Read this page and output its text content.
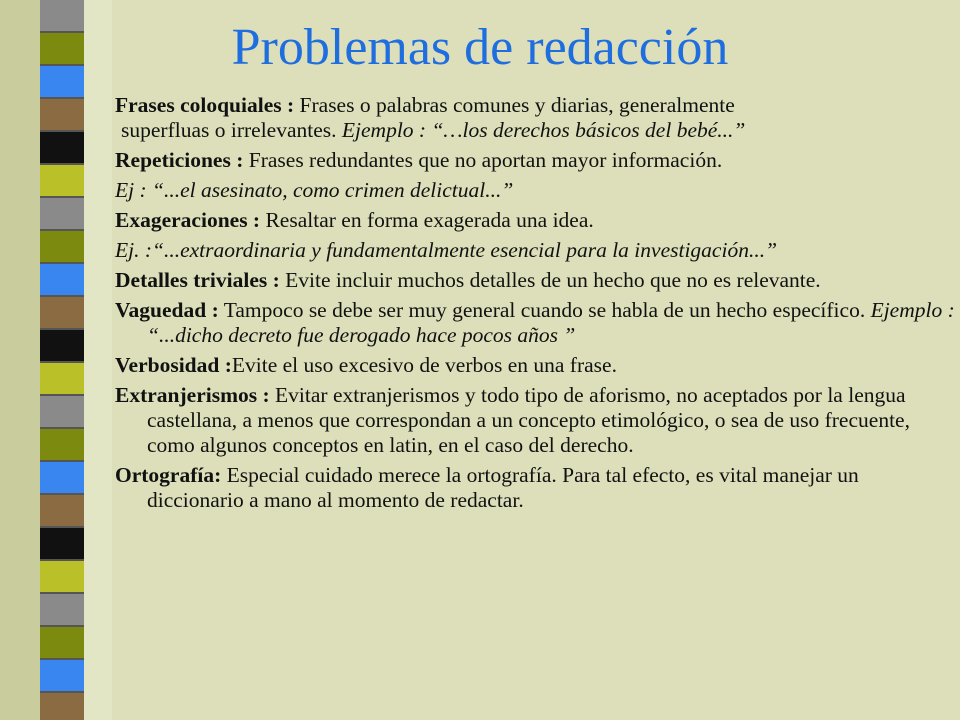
Problemas de redacción

Frases coloquiales : Frases o palabras comunes y diarias, generalmente

superfluas o irrelevantes. Ejemplo : “…los derechos básicos del bebé...”

Repeticiones : Frases redundantes que no aportan mayor información.

Ej : “...el asesinato, como crimen delictual...”

Exageraciones : Resaltar en forma exagerada una idea.

Ej. :“...extraordinaria y fundamentalmente esencial para la investigación...”

Detalles triviales : Evite incluir muchos detalles de un hecho que no es relevante.

Vaguedad : Tampoco se debe ser muy general cuando se habla de un hecho específico. Ejemplo : “...dicho decreto fue derogado hace pocos años ”

Verbosidad :Evite el uso excesivo de verbos en una frase.

Extranjerismos : Evitar extranjerismos y todo tipo de aforismo, no aceptados por la lengua castellana, a menos que correspondan a un concepto etimológico, o sea de uso frecuente, como algunos conceptos en latin, en el caso del derecho.

Ortografía: Especial cuidado merece la ortografía. Para tal efecto, es vital manejar un diccionario a mano al momento de redactar.
